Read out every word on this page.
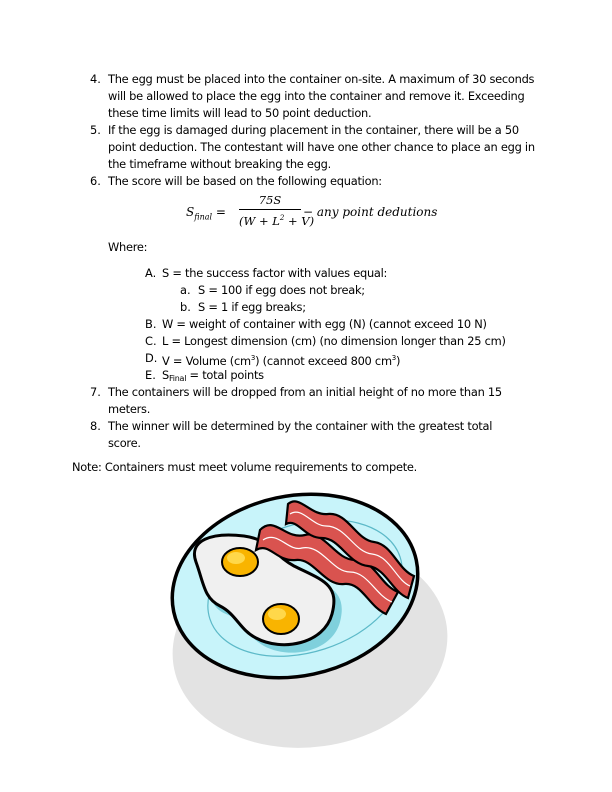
4. The egg must be placed into the container on-site. A maximum of 30 seconds
will be allowed to place the egg into the container and remove it. Exceeding
these time limits will lead to 50 point deduction.
5. If the egg is damaged during placement in the container, there will be a 50
point deduction. The contestant will have one other chance to place an egg in
the timeframe without breaking the egg.
6. The score will be based on the following equation:
$S_{final}$ =
75S
$(W + L^2 + V)$
− any point dedutions
Where:
A. S = the success factor with values equal:
a. S = 100 if egg does not break;
b. S = 1 if egg breaks;
B. W = weight of container with egg (N) (cannot exceed 10 N)
C. L = Longest dimension (cm) (no dimension longer than 25 cm)
D. V = Volume $(cm^3)$ (cannot exceed 800 $cm^3$)
E. $S_{Final}$ = total points
7. The containers will be dropped from an initial height of no more than 15
meters.
8. The winner will be determined by the container with the greatest total
score.
Note: Containers must meet volume requirements to compete.
